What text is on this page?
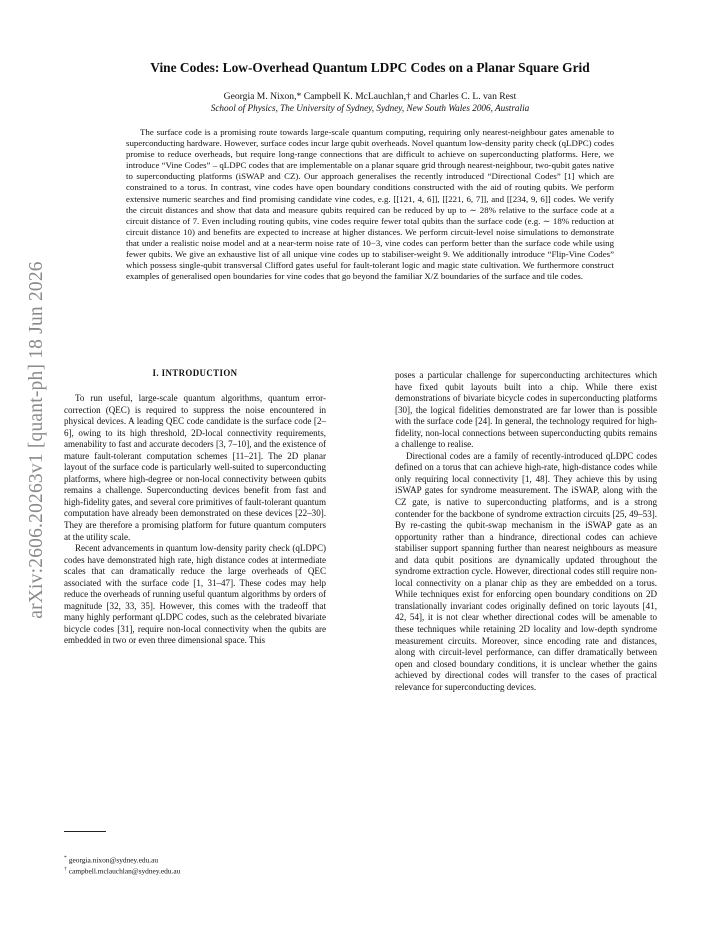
arXiv:2606.20263v1 [quant-ph] 18 Jun 2026
Vine Codes: Low-Overhead Quantum LDPC Codes on a Planar Square Grid
Georgia M. Nixon,* Campbell K. McLauchlan,† and Charles C. L. van Rest
School of Physics, The University of Sydney, Sydney, New South Wales 2006, Australia

The surface code is a promising route towards large-scale quantum computing, requiring only nearest-neighbour gates amenable to superconducting hardware. However, surface codes incur large qubit overheads. Novel quantum low-density parity check (qLDPC) codes promise to reduce overheads, but require long-range connections that are difficult to achieve on superconducting platforms. Here, we introduce “Vine Codes” – qLDPC codes that are implementable on a planar square grid through nearest-neighbour, two-qubit gates native to superconducting platforms (iSWAP and CZ). Our approach generalises the recently introduced “Directional Codes” [1] which are constrained to a torus. In contrast, vine codes have open boundary conditions constructed with the aid of routing qubits. We perform extensive numeric searches and find promising candidate vine codes, e.g. [[121, 4, 6]], [[221, 6, 7]], and [[234, 9, 6]] codes. We verify the circuit distances and show that data and measure qubits required can be reduced by up to ∼ 28% relative to the surface code at a circuit distance of 7. Even including routing qubits, vine codes require fewer total qubits than the surface code (e.g. ∼ 18% reduction at circuit distance 10) and benefits are expected to increase at higher distances. We perform circuit-level noise simulations to demonstrate that under a realistic noise model and at a near-term noise rate of 10−3, vine codes can perform better than the surface code while using fewer qubits. We give an exhaustive list of all unique vine codes up to stabiliser-weight 9. We additionally introduce “Flip-Vine Codes” which possess single-qubit transversal Clifford gates useful for fault-tolerant logic and magic state cultivation. We furthermore construct examples of generalised open boundaries for vine codes that go beyond the familiar X/Z boundaries of the surface and tile codes.

I. INTRODUCTION

To run useful, large-scale quantum algorithms, quantum error-correction (QEC) is required to suppress the noise encountered in physical devices. A leading QEC code candidate is the surface code [2–6], owing to its high threshold, 2D-local connectivity requirements, amenability to fast and accurate decoders [3, 7–10], and the existence of mature fault-tolerant computation schemes [11–21]. The 2D planar layout of the surface code is particularly well-suited to superconducting platforms, where high-degree or non-local connectivity between qubits remains a challenge. Superconducting devices benefit from fast and high-fidelity gates, and several core primitives of fault-tolerant quantum computation have already been demonstrated on these devices [22–30]. They are therefore a promising platform for future quantum computers at the utility scale.

Recent advancements in quantum low-density parity check (qLDPC) codes have demonstrated high rate, high distance codes at intermediate scales that can dramatically reduce the large overheads of QEC associated with the surface code [1, 31–47]. These codes may help reduce the overheads of running useful quantum algorithms by orders of magnitude [32, 33, 35]. However, this comes with the tradeoff that many highly performant qLDPC codes, such as the celebrated bivariate bicycle codes [31], require non-local connectivity when the qubits are embedded in two or even three dimensional space. This

poses a particular challenge for superconducting architectures which have fixed qubit layouts built into a chip. While there exist demonstrations of bivariate bicycle codes in superconducting platforms [30], the logical fidelities demonstrated are far lower than is possible with the surface code [24]. In general, the technology required for high-fidelity, non-local connections between superconducting qubits remains a challenge to realise.

Directional codes are a family of recently-introduced qLDPC codes defined on a torus that can achieve high-rate, high-distance codes while only requiring local connectivity [1, 48]. They achieve this by using iSWAP gates for syndrome measurement. The iSWAP, along with the CZ gate, is native to superconducting platforms, and is a strong contender for the backbone of syndrome extraction circuits [25, 49–53]. By re-casting the qubit-swap mechanism in the iSWAP gate as an opportunity rather than a hindrance, directional codes can achieve stabiliser support spanning further than nearest neighbours as measure and data qubit positions are dynamically updated throughout the syndrome extraction cycle. However, directional codes still require non-local connectivity on a planar chip as they are embedded on a torus. While techniques exist for enforcing open boundary conditions on 2D translationally invariant codes originally defined on toric layouts [41, 42, 54], it is not clear whether directional codes will be amenable to these techniques while retaining 2D locality and low-depth syndrome measurement circuits. Moreover, since encoding rate and distances, along with circuit-level performance, can differ dramatically between open and closed boundary conditions, it is unclear whether the gains achieved by directional codes will transfer to the cases of practical relevance for superconducting devices.

* georgia.nixon@sydney.edu.au
† campbell.mclauchlan@sydney.edu.au
